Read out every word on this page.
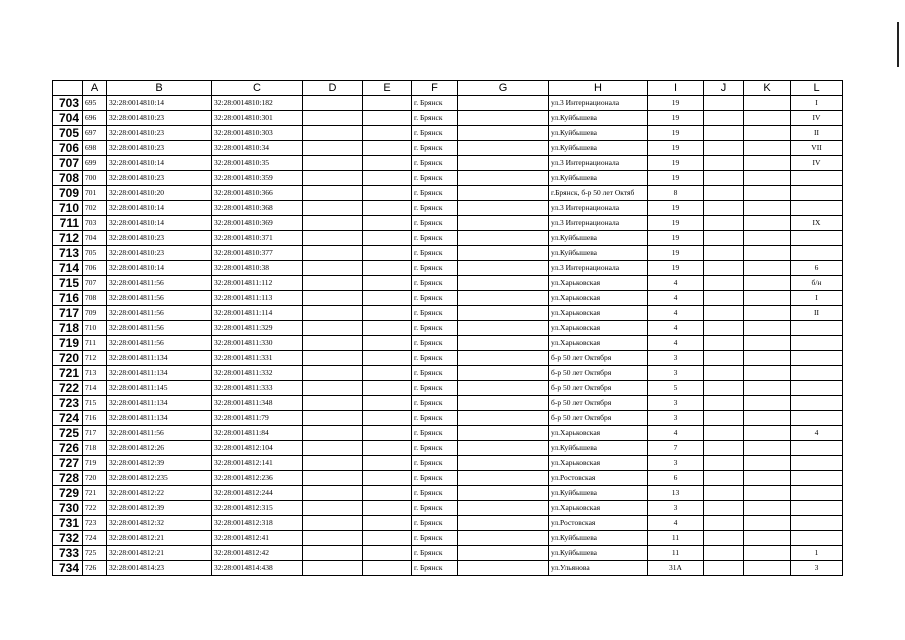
	A	B	C	D	E	F	G	H	I	J	K	L
703	695	32:28:0014810:14	32:28:0014810:182			г. Брянск		ул.3 Интернационала	19			I
704	696	32:28:0014810:23	32:28:0014810:301			г. Брянск		ул.Куйбышева	19			IV
705	697	32:28:0014810:23	32:28:0014810:303			г. Брянск		ул.Куйбышева	19			II
706	698	32:28:0014810:23	32:28:0014810:34			г. Брянск		ул.Куйбышева	19			VII
707	699	32:28:0014810:14	32:28:0014810:35			г. Брянск		ул.3 Интернационала	19			IV
708	700	32:28:0014810:23	32:28:0014810:359			г. Брянск		ул.Куйбышева	19			
709	701	32:28:0014810:20	32:28:0014810:366			г. Брянск		г.Брянск, б-р 50 лет Октяб	8			
710	702	32:28:0014810:14	32:28:0014810:368			г. Брянск		ул.3 Интернационала	19			
711	703	32:28:0014810:14	32:28:0014810:369			г. Брянск		ул.3 Интернационала	19			IX
712	704	32:28:0014810:23	32:28:0014810:371			г. Брянск		ул.Куйбышева	19			
713	705	32:28:0014810:23	32:28:0014810:377			г. Брянск		ул.Куйбышева	19			
714	706	32:28:0014810:14	32:28:0014810:38			г. Брянск		ул.3 Интернационала	19			6
715	707	32:28:0014811:56	32:28:0014811:112			г. Брянск		ул.Харьковская	4			б/н
716	708	32:28:0014811:56	32:28:0014811:113			г. Брянск		ул.Харьковская	4			I
717	709	32:28:0014811:56	32:28:0014811:114			г. Брянск		ул.Харьковская	4			II
718	710	32:28:0014811:56	32:28:0014811:329			г. Брянск		ул.Харьковская	4			
719	711	32:28:0014811:56	32:28:0014811:330			г. Брянск		ул.Харьковская	4			
720	712	32:28:0014811:134	32:28:0014811:331			г. Брянск		б-р 50 лет Октября	3			
721	713	32:28:0014811:134	32:28:0014811:332			г. Брянск		б-р 50 лет Октября	3			
722	714	32:28:0014811:145	32:28:0014811:333			г. Брянск		б-р 50 лет Октября	5			
723	715	32:28:0014811:134	32:28:0014811:348			г. Брянск		б-р 50 лет Октября	3			
724	716	32:28:0014811:134	32:28:0014811:79			г. Брянск		б-р 50 лет Октября	3			
725	717	32:28:0014811:56	32:28:0014811:84			г. Брянск		ул.Харьковская	4			4
726	718	32:28:0014812:26	32:28:0014812:104			г. Брянск		ул.Куйбышева	7			
727	719	32:28:0014812:39	32:28:0014812:141			г. Брянск		ул.Харьковская	3			
728	720	32:28:0014812:235	32:28:0014812:236			г. Брянск		ул.Ростовская	6			
729	721	32:28:0014812:22	32:28:0014812:244			г. Брянск		ул.Куйбышева	13			
730	722	32:28:0014812:39	32:28:0014812:315			г. Брянск		ул.Харьковская	3			
731	723	32:28:0014812:32	32:28:0014812:318			г. Брянск		ул.Ростовская	4			
732	724	32:28:0014812:21	32:28:0014812:41			г. Брянск		ул.Куйбышева	11			
733	725	32:28:0014812:21	32:28:0014812:42			г. Брянск		ул.Куйбышева	11			1
734	726	32:28:0014814:23	32:28:0014814:438			г. Брянск		ул.Ульянова	31А			3
